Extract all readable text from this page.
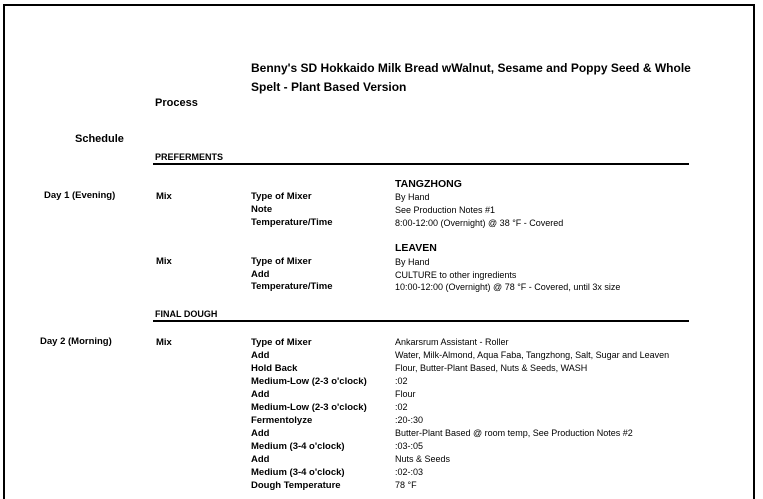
Benny's SD Hokkaido Milk Bread wWalnut, Sesame and Poppy Seed & Whole
Spelt - Plant Based Version
Process
Schedule
PREFERMENTS
Day 1 (Evening)
TANGZHONG
Mix	Type of Mixer	By Hand
Note	See Production Notes #1
Temperature/Time	8:00-12:00 (Overnight) @ 38 °F - Covered
LEAVEN
Mix	Type of Mixer	By Hand
Add	CULTURE to other ingredients
Temperature/Time	10:00-12:00 (Overnight) @ 78 °F - Covered, until 3x size
FINAL DOUGH
Day 2 (Morning)	Mix	Type of Mixer	Ankarsrum Assistant - Roller
Add	Water, Milk-Almond, Aqua Faba, Tangzhong, Salt, Sugar and Leaven
Hold Back	Flour, Butter-Plant Based, Nuts & Seeds, WASH
Medium-Low (2-3 o'clock)	:02
Add	Flour
Medium-Low (2-3 o'clock)	:02
Fermentolyze	:20-:30
Add	Butter-Plant Based @ room temp, See Production Notes #2
Medium (3-4 o'clock)	:03-:05
Add	Nuts & Seeds
Medium (3-4 o'clock)	:02-:03
Dough Temperature	78 °F
